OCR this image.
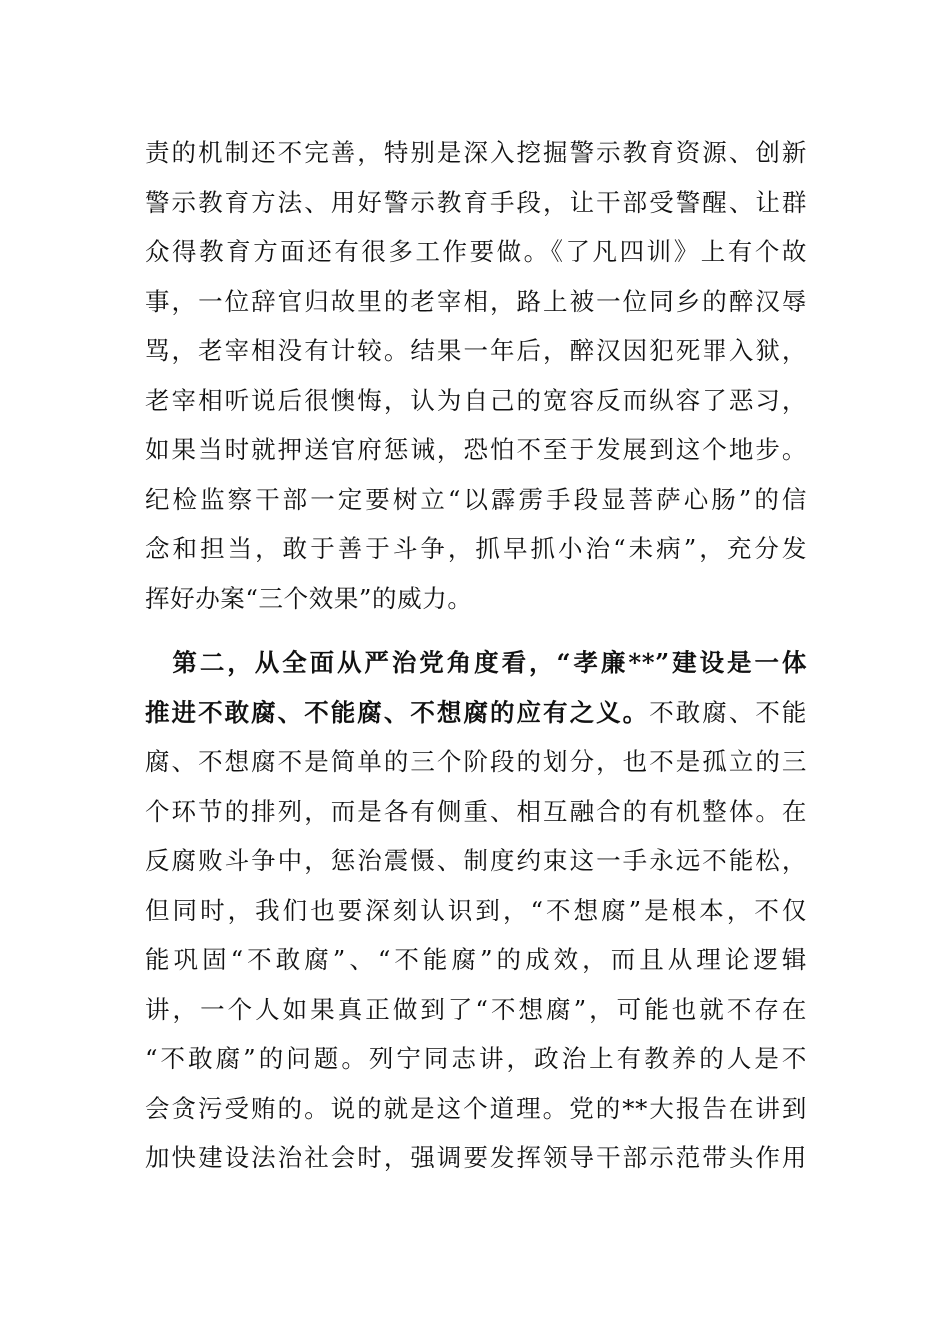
责的机制还不完善，特别是深入挖掘警示教育资源、创新
警示教育方法、用好警示教育手段，让干部受警醒、让群
众得教育方面还有很多工作要做。《了凡四训》上有个故
事，一位辞官归故里的老宰相，路上被一位同乡的醉汉辱
骂，老宰相没有计较。结果一年后，醉汉因犯死罪入狱，
老宰相听说后很懊悔，认为自己的宽容反而纵容了恶习，
如果当时就押送官府惩诫，恐怕不至于发展到这个地步。
纪检监察干部一定要树立“以霹雳手段显菩萨心肠”的信
念和担当，敢于善于斗争，抓早抓小治“未病”，充分发
挥好办案“三个效果”的威力。
　第二，从全面从严治党角度看，“孝廉**”建设是一体
推进不敢腐、不能腐、不想腐的应有之义。不敢腐、不能
腐、不想腐不是简单的三个阶段的划分，也不是孤立的三
个环节的排列，而是各有侧重、相互融合的有机整体。在
反腐败斗争中，惩治震慑、制度约束这一手永远不能松，
但同时，我们也要深刻认识到，“不想腐”是根本，不仅
能巩固“不敢腐”、“不能腐”的成效，而且从理论逻辑
讲，一个人如果真正做到了“不想腐”，可能也就不存在
“不敢腐”的问题。列宁同志讲，政治上有教养的人是不
会贪污受贿的。说的就是这个道理。党的**大报告在讲到
加快建设法治社会时，强调要发挥领导干部示范带头作用
